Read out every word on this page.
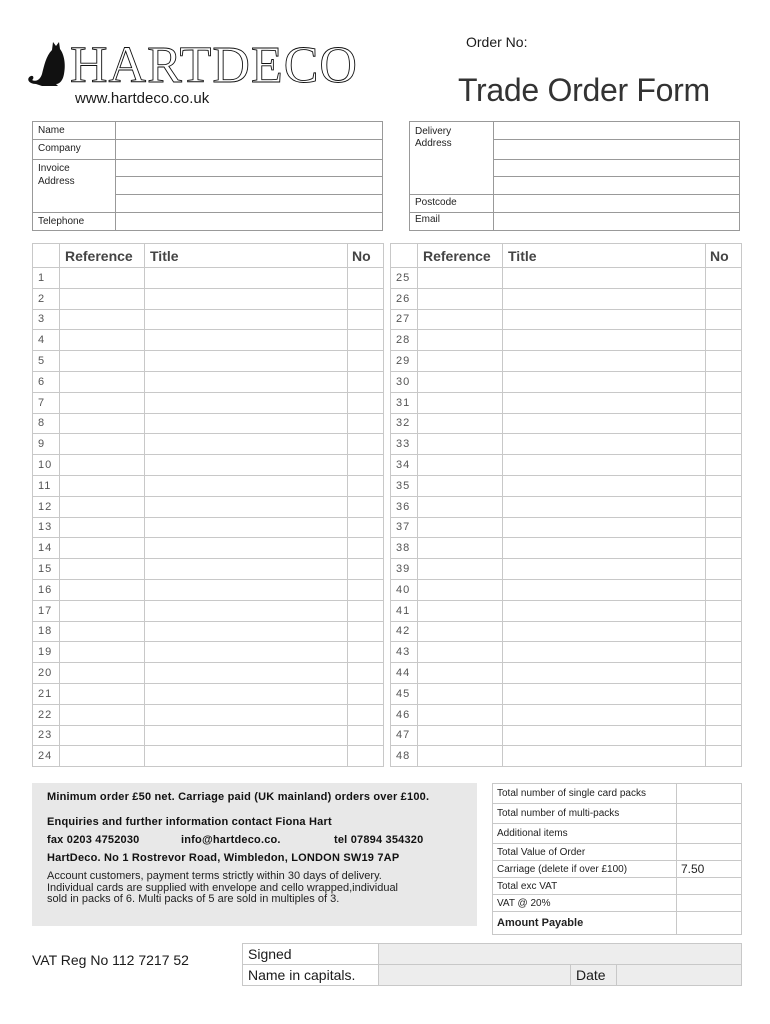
HARTDECO
www.hartdeco.co.uk
Order No:
Trade Order Form
Name
Company
Invoice
Address
Telephone
Delivery
Address
Postcode
Email
	Reference	Title	No
1			
2			
3			
4			
5			
6			
7			
8			
9			
10			
11			
12			
13			
14			
15			
16			
17			
18			
19			
20			
21			
22			
23			
24			
	Reference	Title	No
25			
26			
27			
28			
29			
30			
31			
32			
33			
34			
35			
36			
37			
38			
39			
40			
41			
42			
43			
44			
45			
46			
47			
48			
Minimum order £50 net. Carriage paid (UK mainland) orders over £100.
Enquiries and further information contact Fiona Hart
fax 0203 4752030	info@hartdeco.co.	tel 07894 354320
HartDeco. No 1 Rostrevor Road, Wimbledon, LONDON SW19 7AP
Account customers, payment terms strictly within 30 days of delivery.
Individual cards are supplied with envelope and cello wrapped,individual
sold in packs of 6. Multi packs of 5 are sold in multiples of 3.
Total number of single card packs	
Total number of multi-packs	
Additional items	
Total Value of Order	
Carriage (delete if over £100)	7.50
Total exc VAT	
VAT @ 20%	
Amount Payable	
VAT Reg No 112 7217 52	Signed			
Name in capitals.		Date	
